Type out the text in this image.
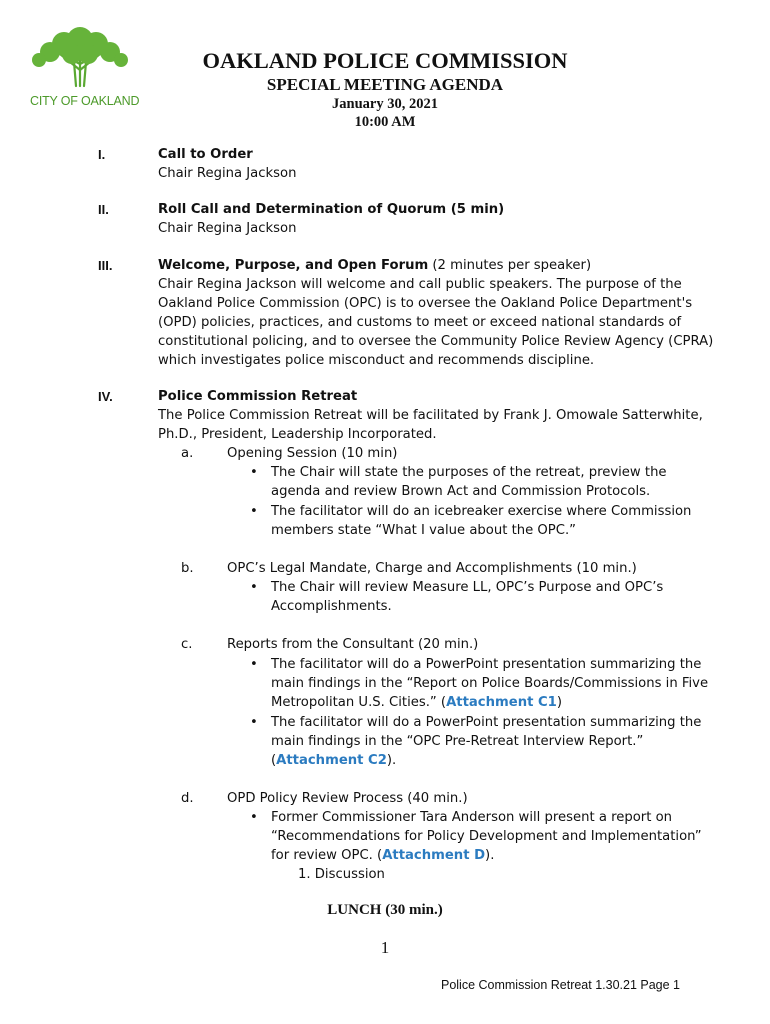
CITY OF OAKLAND
OAKLAND POLICE COMMISSION
SPECIAL MEETING AGENDA
January 30, 2021
10:00 AM
I.	Call to Order
Chair Regina Jackson
II.	Roll Call and Determination of Quorum (5 min)
Chair Regina Jackson
III.	Welcome, Purpose, and Open Forum (2 minutes per speaker)
Chair Regina Jackson will welcome and call public speakers. The purpose of the
Oakland Police Commission (OPC) is to oversee the Oakland Police Department's
(OPD) policies, practices, and customs to meet or exceed national standards of
constitutional policing, and to oversee the Community Police Review Agency (CPRA)
which investigates police misconduct and recommends discipline.
IV.	Police Commission Retreat
The Police Commission Retreat will be facilitated by Frank J. Omowale Satterwhite,
Ph.D., President, Leadership Incorporated.
a.	Opening Session (10 min)
• The Chair will state the purposes of the retreat, preview the
agenda and review Brown Act and Commission Protocols.
• The facilitator will do an icebreaker exercise where Commission
members state “What I value about the OPC.”
b.	OPC’s Legal Mandate, Charge and Accomplishments (10 min.)
• The Chair will review Measure LL, OPC’s Purpose and OPC’s
Accomplishments.
c.	Reports from the Consultant (20 min.)
• The facilitator will do a PowerPoint presentation summarizing the
main findings in the “Report on Police Boards/Commissions in Five
Metropolitan U.S. Cities.” (Attachment C1)
• The facilitator will do a PowerPoint presentation summarizing the
main findings in the “OPC Pre-Retreat Interview Report.”
(Attachment C2).
d.	OPD Policy Review Process (40 min.)
• Former Commissioner Tara Anderson will present a report on
“Recommendations for Policy Development and Implementation”
for review OPC. (Attachment D).
1. Discussion
LUNCH (30 min.)
1
Police Commission Retreat 1.30.21 Page 1
